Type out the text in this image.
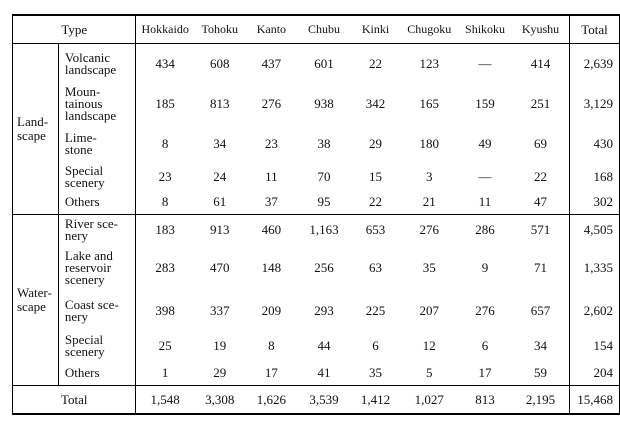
Type		Hokkaido	Tohoku	Kanto	Chubu	Kinki	Chugoku	Shikoku	Kyushu	Total
Land-
scape	Volcanic
landscape	434	608	437	601	22	123	—	414	2,639
	Moun-
tainous
landscape	185	813	276	938	342	165	159	251	3,129
	Lime-
stone	8	34	23	38	29	180	49	69	430
	Special
scenery	23	24	11	70	15	3	—	22	168
	Others	8	61	37	95	22	21	11	47	302
Water-
scape	River sce-
nery	183	913	460	1,163	653	276	286	571	4,505
	Lake and
reservoir
scenery	283	470	148	256	63	35	9	71	1,335
	Coast sce-
nery	398	337	209	293	225	207	276	657	2,602
	Special
scenery	25	19	8	44	6	12	6	34	154
	Others	1	29	17	41	35	5	17	59	204
Total		1,548	3,308	1,626	3,539	1,412	1,027	813	2,195	15,468
